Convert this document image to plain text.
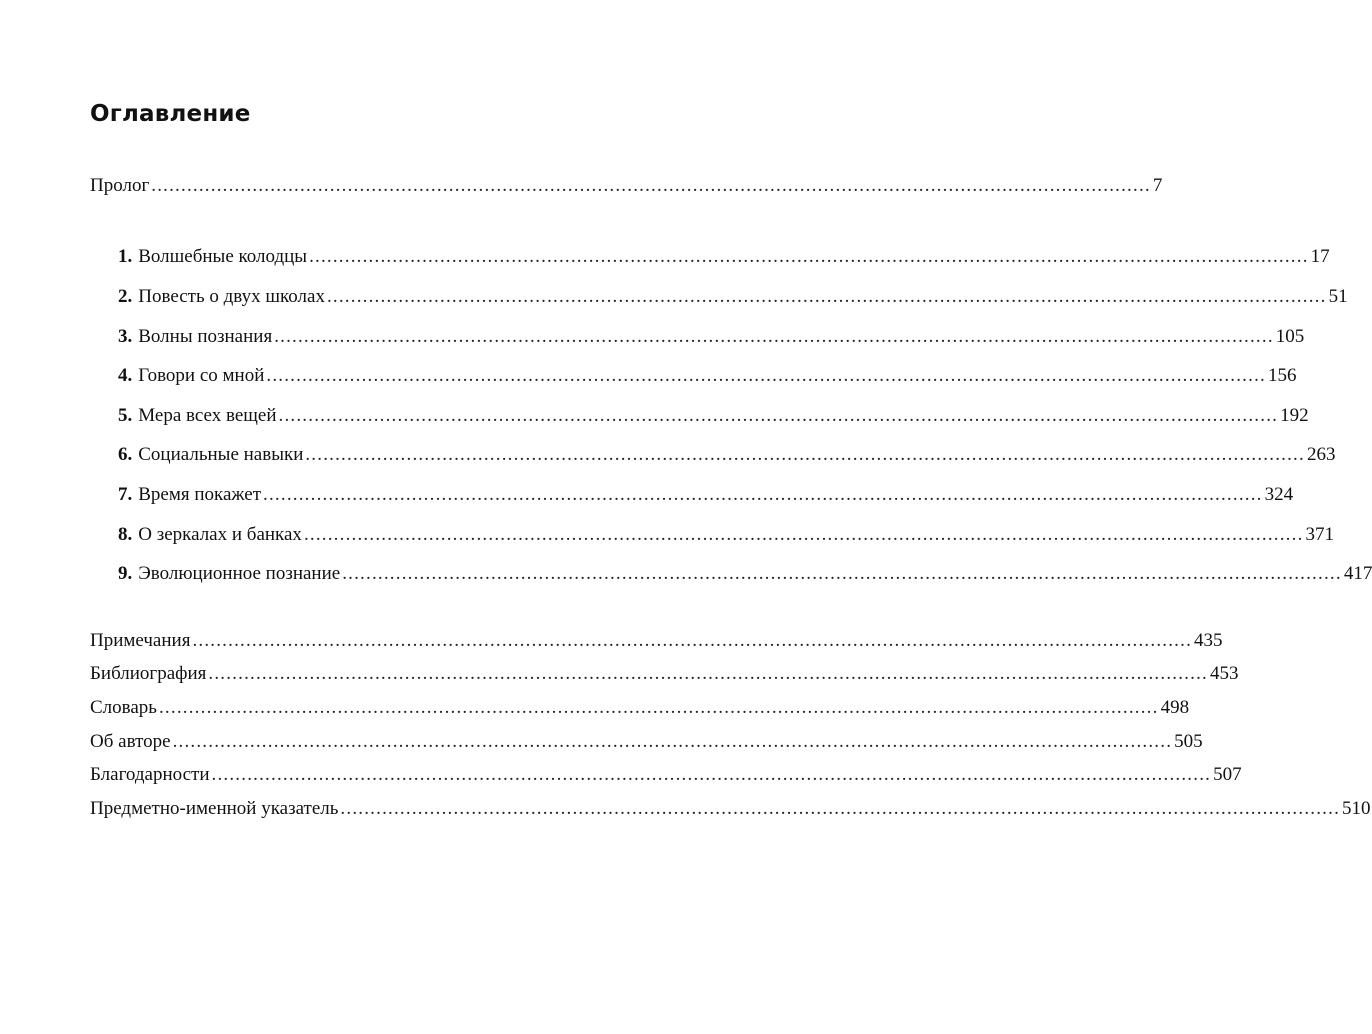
Оглавление
Пролог ........................................................................................................................................................................ 7
1. Волшебные колодцы ........................................................................................................................................................................ 17
2. Повесть о двух школах ........................................................................................................................................................................ 51
3. Волны познания ........................................................................................................................................................................ 105
4. Говори со мной ........................................................................................................................................................................ 156
5. Мера всех вещей ........................................................................................................................................................................ 192
6. Социальные навыки ........................................................................................................................................................................ 263
7. Время покажет ........................................................................................................................................................................ 324
8. О зеркалах и банках ........................................................................................................................................................................ 371
9. Эволюционное познание ........................................................................................................................................................................ 417
Примечания ........................................................................................................................................................................ 435
Библиография ........................................................................................................................................................................ 453
Словарь ........................................................................................................................................................................ 498
Об авторе ........................................................................................................................................................................ 505
Благодарности ........................................................................................................................................................................ 507
Предметно-именной указатель ........................................................................................................................................................................ 510
